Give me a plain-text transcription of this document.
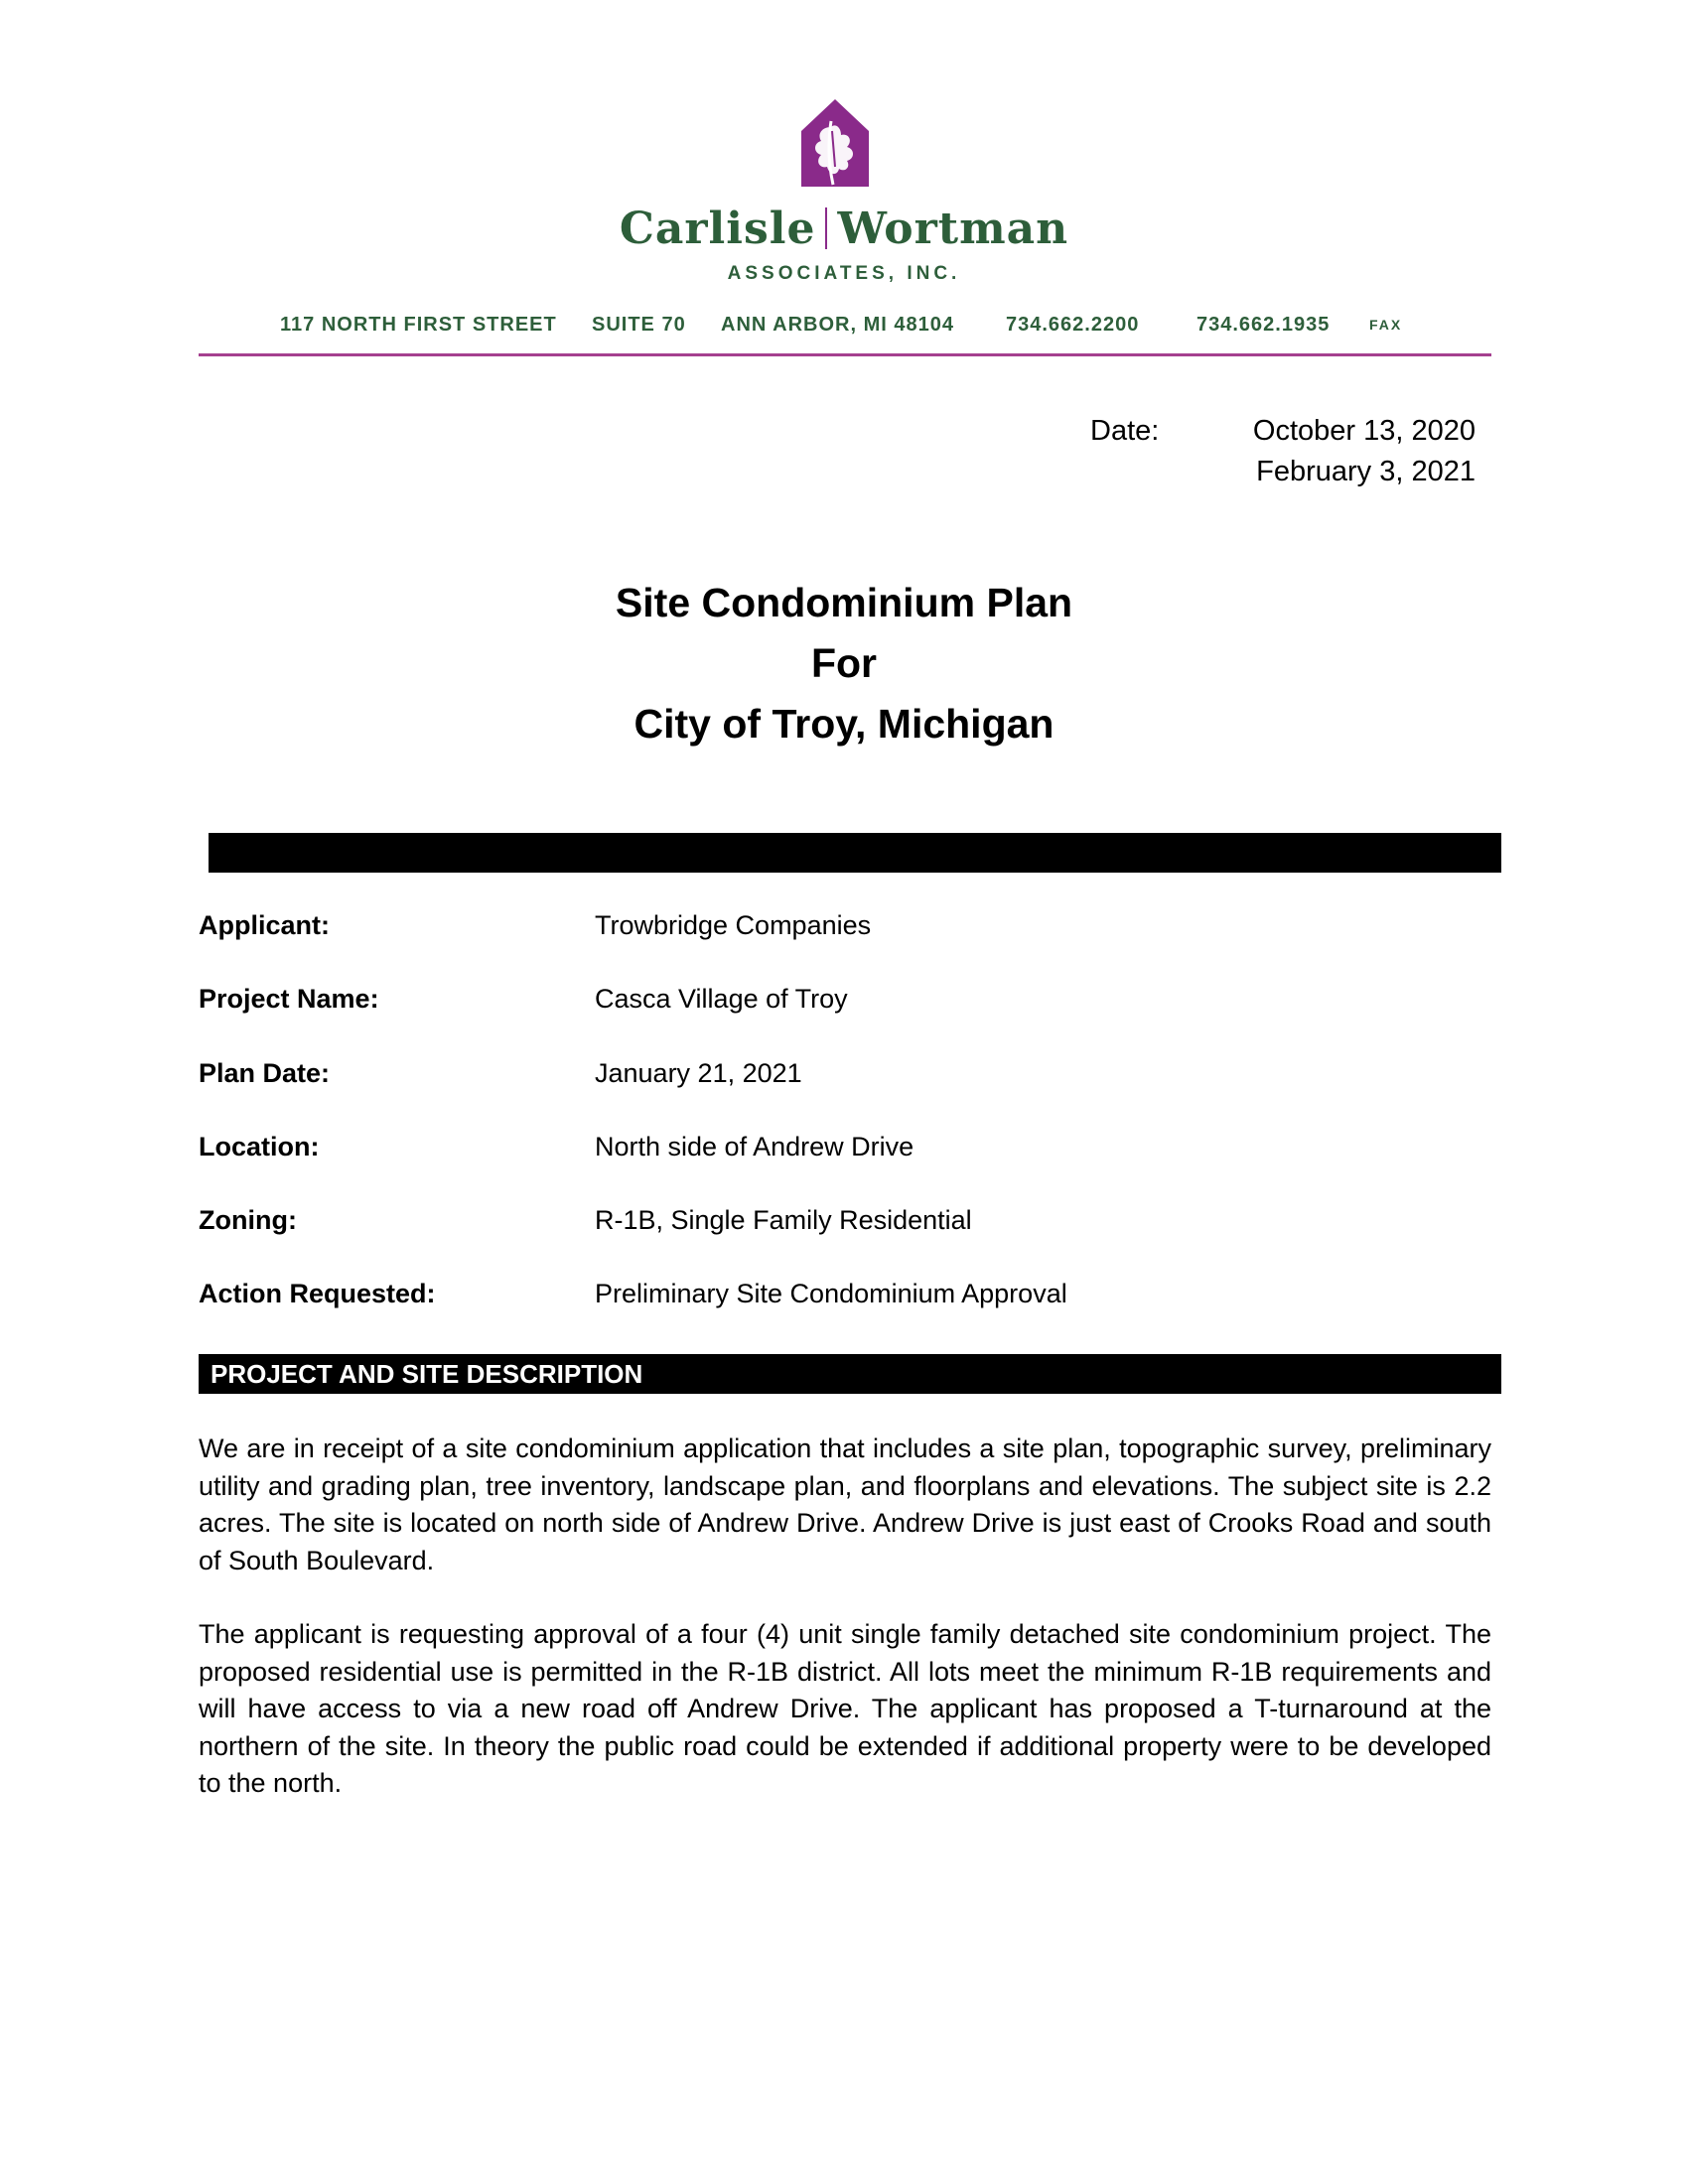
Carlisle Wortman
ASSOCIATES, INC.
117 NORTH FIRST STREET SUITE 70 ANN ARBOR, MI 48104	734.662.2200	734.662.1935	FAX
Date:	October 13, 2020
February 3, 2021
Site Condominium Plan
For
City of Troy, Michigan
Applicant:	Trowbridge Companies
Project Name:	Casca Village of Troy
Plan Date:	January 21, 2021
Location:	North side of Andrew Drive
Zoning:	R-1B, Single Family Residential
Action Requested:	Preliminary Site Condominium Approval
PROJECT AND SITE DESCRIPTION
We are in receipt of a site condominium application that includes a site plan, topographic survey, preliminary utility and grading plan, tree inventory, landscape plan, and floorplans and elevations. The subject site is 2.2 acres. The site is located on north side of Andrew Drive. Andrew Drive is just east of Crooks Road and south of South Boulevard.
The applicant is requesting approval of a four (4) unit single family detached site condominium project. The proposed residential use is permitted in the R-1B district. All lots meet the minimum R-1B requirements and will have access to via a new road off Andrew Drive. The applicant has proposed a T-turnaround at the northern of the site. In theory the public road could be extended if additional property were to be developed to the north.
